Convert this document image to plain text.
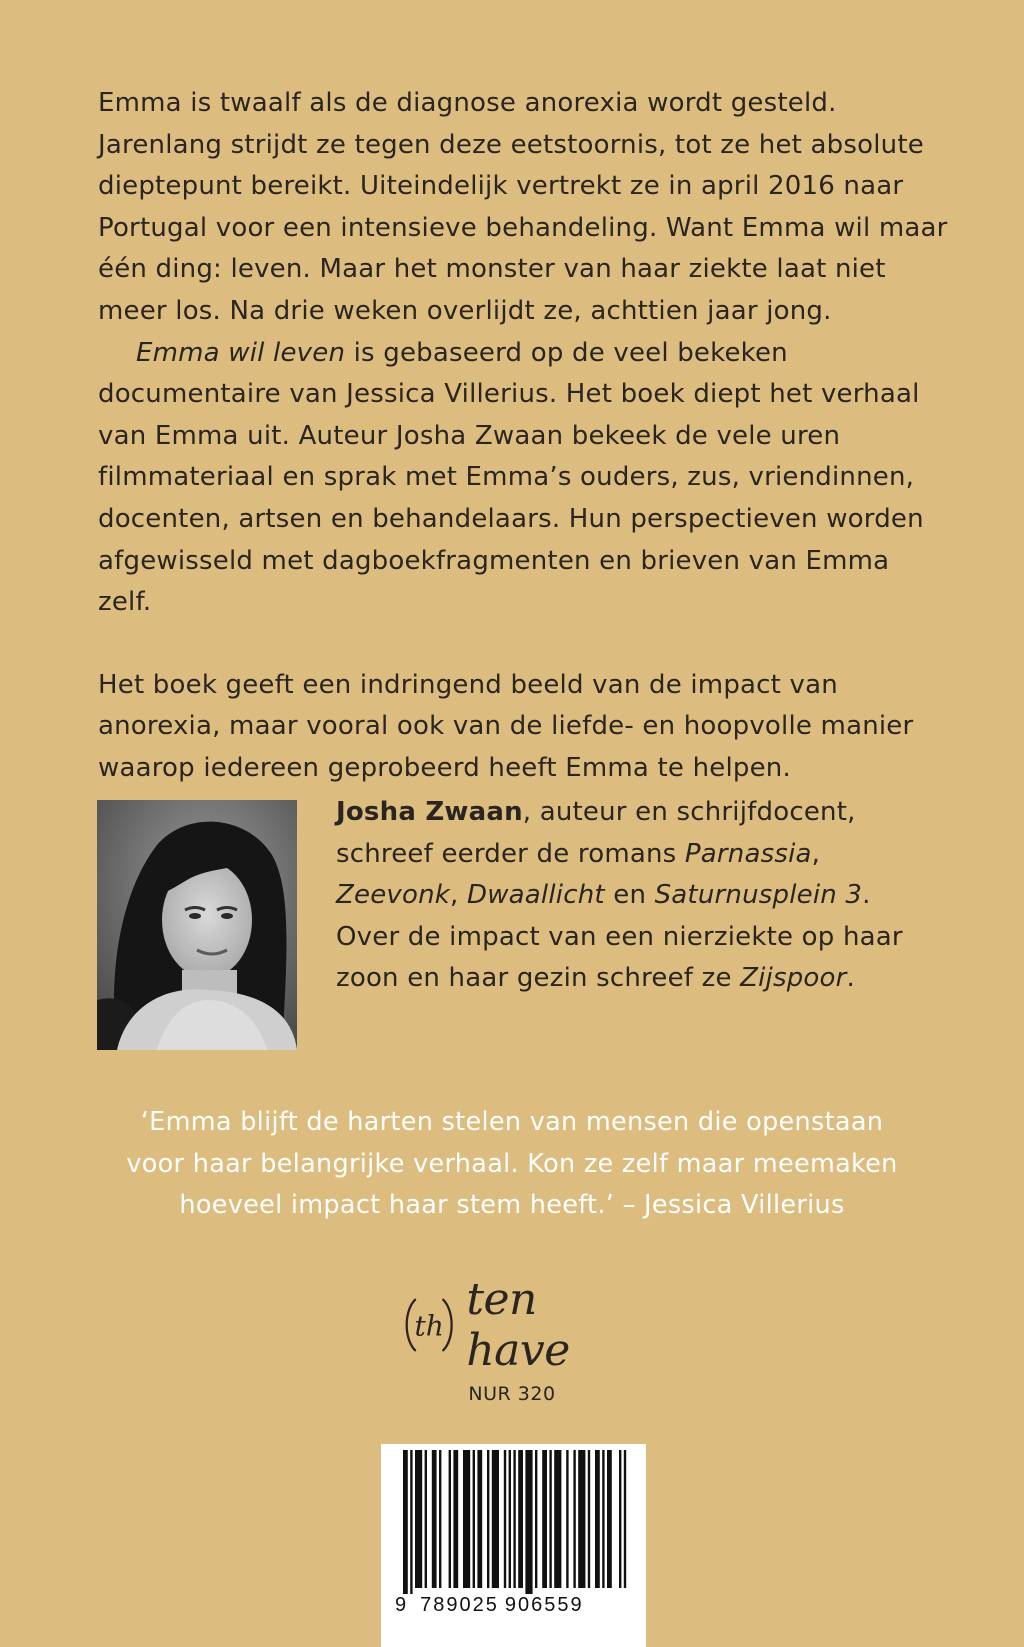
Emma is twaalf als de diagnose anorexia wordt gesteld. Jarenlang strijdt ze tegen deze eetstoornis, tot ze het absolute dieptepunt bereikt. Uiteindelijk vertrekt ze in april 2016 naar Portugal voor een intensieve behandeling. Want Emma wil maar één ding: leven. Maar het monster van haar ziekte laat niet meer los. Na drie weken overlijdt ze, achttien jaar jong.

Emma wil leven is gebaseerd op de veel bekeken documentaire van Jessica Villerius. Het boek diept het verhaal van Emma uit. Auteur Josha Zwaan bekeek de vele uren filmmateriaal en sprak met Emma’s ouders, zus, vriendinnen, docenten, artsen en behandelaars. Hun perspectieven worden afgewisseld met dagboekfragmenten en brieven van Emma zelf.

Het boek geeft een indringend beeld van de impact van anorexia, maar vooral ook van de liefde- en hoopvolle manier waarop iedereen geprobeerd heeft Emma te helpen.

Josha Zwaan, auteur en schrijfdocent, schreef eerder de romans Parnassia, Zeevonk, Dwaallicht en Saturnusplein 3. Over de impact van een nierziekte op haar zoon en haar gezin schreef ze Zijspoor.

‘Emma blijft de harten stelen van mensen die openstaan

voor haar belangrijke verhaal. Kon ze zelf maar meemaken

hoeveel impact haar stem heeft.’ – Jessica Villerius

th
ten have
NUR 320
9 789025 906559
